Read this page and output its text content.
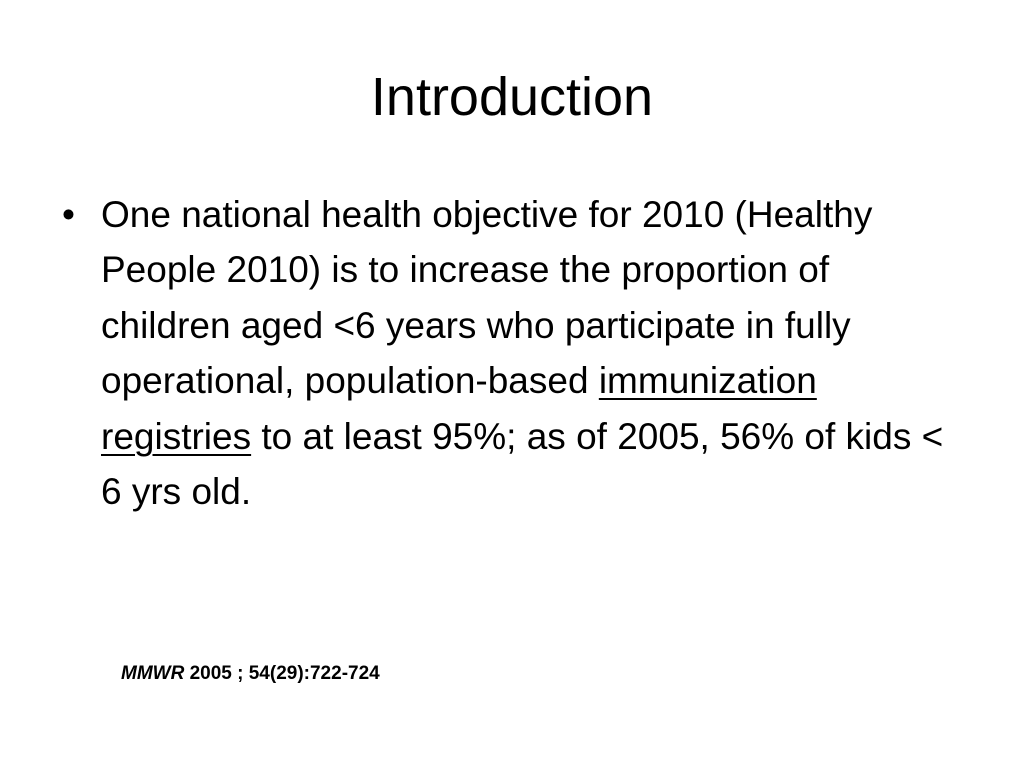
Introduction
• One national health objective for 2010 (Healthy People 2010) is to increase the proportion of children aged <6 years who participate in fully operational, population-based immunization registries to at least 95%; as of 2005, 56% of kids < 6 yrs old.
MMWR 2005 ; 54(29):722-724
